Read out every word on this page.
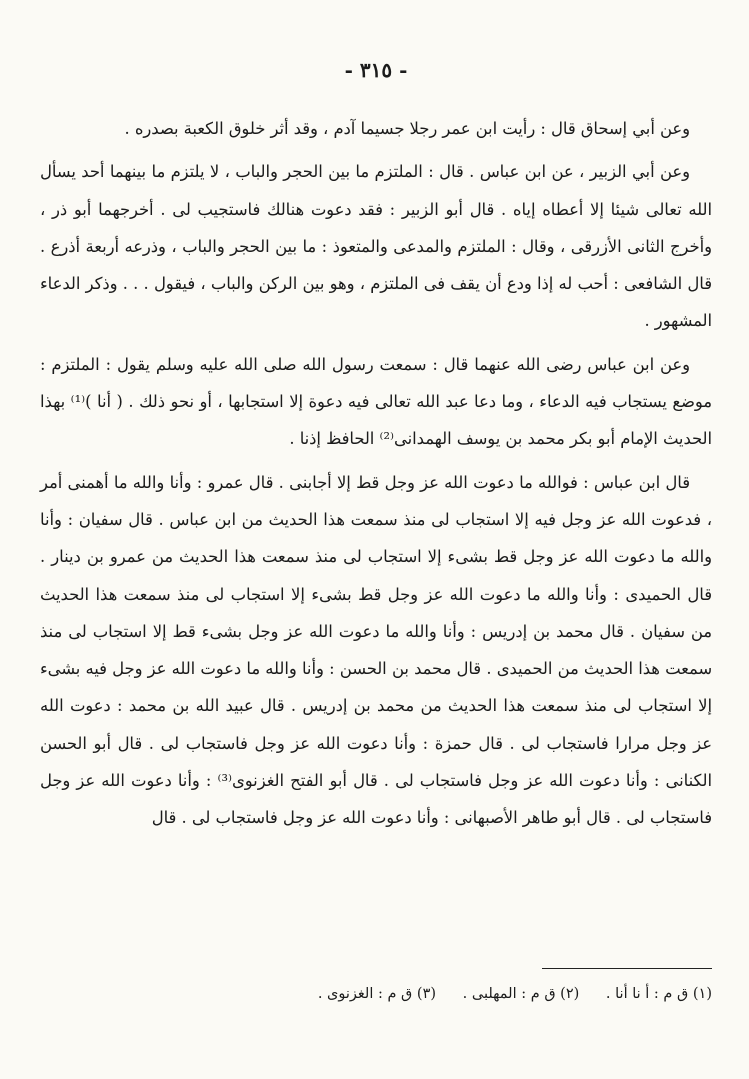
- ٣١٥ -

وعن أبي إسحاق قال : رأيت ابن عمر رجلا جسيما آدم ، وقد أثر خلوق الكعبة بصدره .

وعن أبي الزبير ، عن ابن عباس . قال : الملتزم ما بين الحجر والباب ، لا يلتزم ما بينهما أحد يسأل الله تعالى شيئا إلا أعطاه إياه . قال أبو الزبير : فقد دعوت هنالك فاستجيب لى . أخرجهما أبو ذر ، وأخرج الثانى الأزرقى ، وقال : الملتزم والمدعى والمتعوذ : ما بين الحجر والباب ، وذرعه أربعة أذرع . قال الشافعى : أحب له إذا ودع أن يقف فى الملتزم ، وهو بين الركن والباب ، فيقول . . . وذكر الدعاء المشهور .

وعن ابن عباس رضى الله عنهما قال : سمعت رسول الله صلى الله عليه وسلم يقول : الملتزم : موضع يستجاب فيه الدعاء ، وما دعا عبد الله تعالى فيه دعوة إلا استجابها ، أو نحو ذلك . ( أنا )⁽¹⁾ بهذا الحديث الإمام أبو بكر محمد بن يوسف الهمدانى⁽²⁾ الحافظ إذنا .

قال ابن عباس : فوالله ما دعوت الله عز وجل قط إلا أجابنى . قال عمرو : وأنا والله ما أهمنى أمر ، فدعوت الله عز وجل فيه إلا استجاب لى منذ سمعت هذا الحديث من ابن عباس . قال سفيان : وأنا والله ما دعوت الله عز وجل قط بشىء إلا استجاب لى منذ سمعت هذا الحديث من عمرو بن دينار . قال الحميدى : وأنا والله ما دعوت الله عز وجل قط بشىء إلا استجاب لى منذ سمعت هذا الحديث من سفيان . قال محمد بن إدريس : وأنا والله ما دعوت الله عز وجل بشىء قط إلا استجاب لى منذ سمعت هذا الحديث من الحميدى . قال محمد بن الحسن : وأنا والله ما دعوت الله عز وجل فيه بشىء إلا استجاب لى منذ سمعت هذا الحديث من محمد بن إدريس . قال عبيد الله بن محمد : دعوت الله عز وجل مرارا فاستجاب لى . قال حمزة : وأنا دعوت الله عز وجل فاستجاب لى . قال أبو الحسن الكنانى : وأنا دعوت الله عز وجل فاستجاب لى . قال أبو الفتح الغزنوى⁽³⁾ : وأنا دعوت الله عز وجل فاستجاب لى . قال أبو طاهر الأصبهانى : وأنا دعوت الله عز وجل فاستجاب لى . قال

(١) ق م : أ نا أنا . (٢) ق م : المهلبى . (٣) ق م : الغزنوى .
